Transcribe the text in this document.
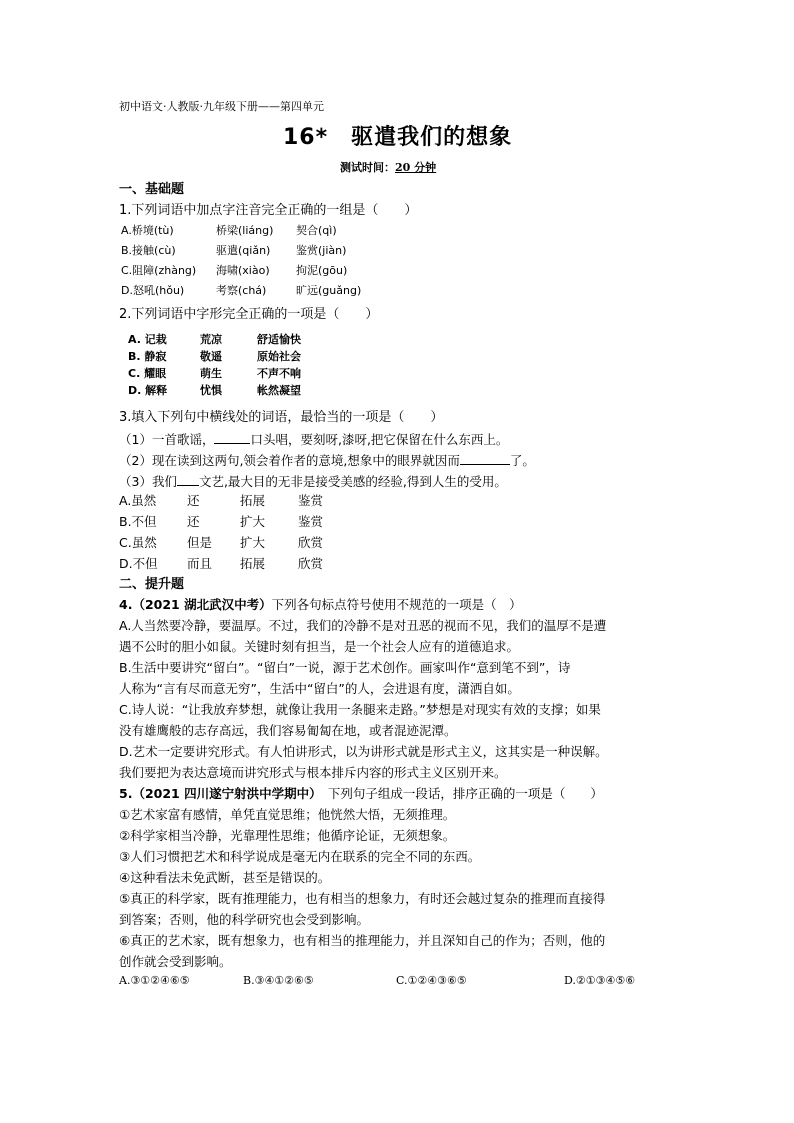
初中语文·人教版·九年级下册——第四单元
16*　驱遣我们的想象
测试时间：20 分钟
一、基础题
1.下列词语中加点字注音完全正确的一组是（　　）
A.桥境(tù)	桥梁(liáng)	契合(qì)
B.接触(cù)	驱遣(qiǎn)	鉴赏(jiàn)
C.阻障(zhàng)	海啸(xiào)	拘泥(gōu)
D.怒吼(hǒu)	考察(chá)	旷远(guǎng)
2.下列词语中字形完全正确的一项是（　　）
A. 记栽	荒凉	舒适愉快
B. 静寂	敬遥	原始社会
C. 耀眼	萌生	不声不响
D. 解释	忧惧	帐然凝望
3.填入下列句中横线处的词语，最恰当的一项是（　　）
（1）一首歌谣，	口头唱，要刻呀,漆呀,把它保留在什么东西上。
（2）现在读到这两句,领会着作者的意境,想象中的眼界就因而	了。
（3）我们 文艺,最大目的无非是接受美感的经验,得到人生的受用。
A.虽然	还	拓展	鉴赏
B.不但	还	扩大	鉴赏
C.虽然	但是	扩大	欣赏
D.不但	而且	拓展	欣赏
二、提升题
4.（2021 湖北武汉中考）下列各句标点符号使用不规范的一项是（　）
A.人当然要冷静，要温厚。不过，我们的冷静不是对丑恶的视而不见，我们的温厚不是遭
遇不公时的胆小如鼠。关键时刻有担当，是一个社会人应有的道德追求。
B.生活中要讲究“留白”。“留白”一说，源于艺术创作。画家叫作“意到笔不到”，诗
人称为“言有尽而意无穷”，生活中“留白”的人，会进退有度，潇洒自如。
C.诗人说：“让我放弃梦想，就像让我用一条腿来走路。”梦想是对现实有效的支撑；如果
没有雄鹰般的志存高远，我们容易匍匐在地，或者混迹泥潭。
D.艺术一定要讲究形式。有人怕讲形式，以为讲形式就是形式主义，这其实是一种误解。
我们要把为表达意境而讲究形式与根本排斥内容的形式主义区别开来。
5.（2021 四川遂宁射洪中学期中）　下列句子组成一段话，排序正确的一项是（　　）
①艺术家富有感情，单凭直觉思维；他恍然大悟，无须推理。
②科学家相当冷静，光靠理性思维；他循序论证，无须想象。
③人们习惯把艺术和科学说成是毫无内在联系的完全不同的东西。
④这种看法未免武断，甚至是错误的。
⑤真正的科学家，既有推理能力，也有相当的想象力，有时还会越过复杂的推理而直接得
到答案；否则，他的科学研究也会受到影响。
⑥真正的艺术家，既有想象力，也有相当的推理能力，并且深知自己的作为；否则，他的
创作就会受到影响。
A.③①②④⑥⑤	B.③④①②⑥⑤	C.①②④③⑥⑤	D.②①③④⑤⑥
